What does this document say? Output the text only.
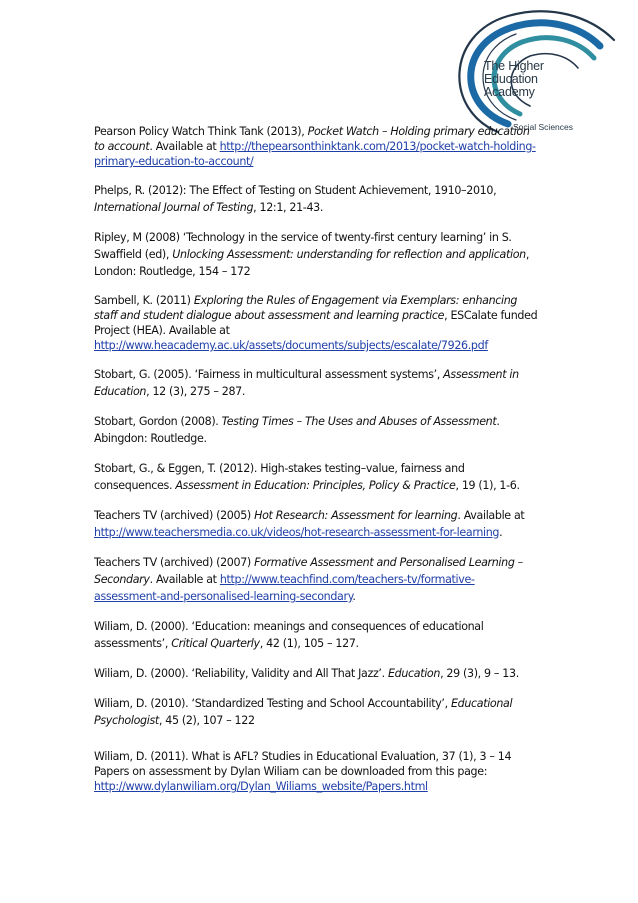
The Higher
Education
Academy
Social Sciences
Pearson Policy Watch Think Tank (2013), Pocket Watch – Holding primary education to account. Available at http://thepearsonthinktank.com/2013/pocket-watch-holding-primary-education-to-account/
Phelps, R. (2012): The Effect of Testing on Student Achievement, 1910–2010, International Journal of Testing, 12:1, 21-43.
Ripley, M (2008) ‘Technology in the service of twenty-first century learning’ in S. Swaffield (ed), Unlocking Assessment: understanding for reflection and application, London: Routledge, 154 – 172
Sambell, K. (2011) Exploring the Rules of Engagement via Exemplars: enhancing staff and student dialogue about assessment and learning practice, ESCalate funded Project (HEA). Available at
http://www.heacademy.ac.uk/assets/documents/subjects/escalate/7926.pdf
Stobart, G. (2005). ‘Fairness in multicultural assessment systems’, Assessment in Education, 12 (3), 275 – 287.
Stobart, Gordon (2008). Testing Times – The Uses and Abuses of Assessment. Abingdon: Routledge.
Stobart, G., & Eggen, T. (2012). High-stakes testing–value, fairness and consequences. Assessment in Education: Principles, Policy & Practice, 19 (1), 1-6.
Teachers TV (archived) (2005) Hot Research: Assessment for learning. Available at http://www.teachersmedia.co.uk/videos/hot-research-assessment-for-learning.
Teachers TV (archived) (2007) Formative Assessment and Personalised Learning – Secondary. Available at http://www.teachfind.com/teachers-tv/formative-assessment-and-personalised-learning-secondary.
Wiliam, D. (2000). ‘Education: meanings and consequences of educational assessments’, Critical Quarterly, 42 (1), 105 – 127.
Wiliam, D. (2000). ‘Reliability, Validity and All That Jazz’. Education, 29 (3), 9 – 13.
Wiliam, D. (2010). ‘Standardized Testing and School Accountability’, Educational Psychologist, 45 (2), 107 – 122
Wiliam, D. (2011). What is AFL? Studies in Educational Evaluation, 37 (1), 3 – 14
Papers on assessment by Dylan Wiliam can be downloaded from this page:
http://www.dylanwiliam.org/Dylan_Wiliams_website/Papers.html
